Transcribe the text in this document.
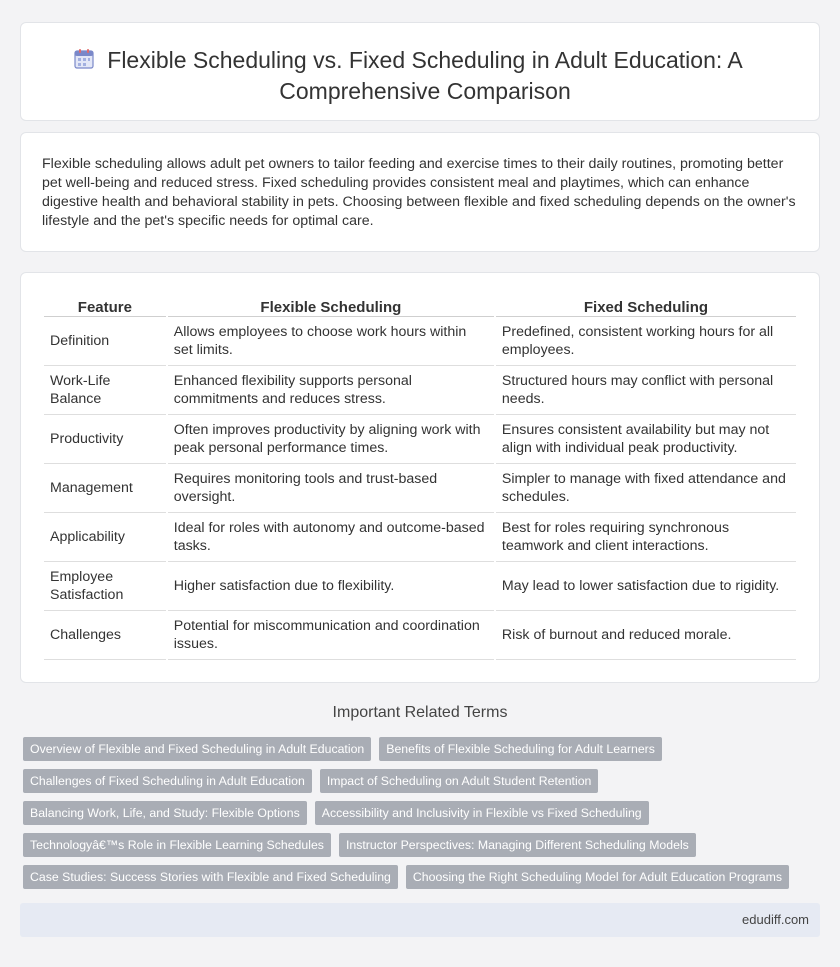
Flexible Scheduling vs. Fixed Scheduling in Adult Education: A Comprehensive Comparison

Flexible scheduling allows adult pet owners to tailor feeding and exercise times to their daily routines, promoting better pet well-being and reduced stress. Fixed scheduling provides consistent meal and playtimes, which can enhance digestive health and behavioral stability in pets. Choosing between flexible and fixed scheduling depends on the owner's lifestyle and the pet's specific needs for optimal care.

Feature	Flexible Scheduling	Fixed Scheduling
Definition	Allows employees to choose work hours within set limits.	Predefined, consistent working hours for all employees.
Work-Life Balance	Enhanced flexibility supports personal commitments and reduces stress.	Structured hours may conflict with personal needs.
Productivity	Often improves productivity by aligning work with peak personal performance times.	Ensures consistent availability but may not align with individual peak productivity.
Management	Requires monitoring tools and trust-based oversight.	Simpler to manage with fixed attendance and schedules.
Applicability	Ideal for roles with autonomy and outcome-based tasks.	Best for roles requiring synchronous teamwork and client interactions.
Employee Satisfaction	Higher satisfaction due to flexibility.	May lead to lower satisfaction due to rigidity.
Challenges	Potential for miscommunication and coordination issues.	Risk of burnout and reduced morale.
Important Related Terms
Overview of Flexible and Fixed Scheduling in Adult Education	Benefits of Flexible Scheduling for Adult Learners
Challenges of Fixed Scheduling in Adult Education	Impact of Scheduling on Adult Student Retention
Balancing Work, Life, and Study: Flexible Options	Accessibility and Inclusivity in Flexible vs Fixed Scheduling
Technologyâ€™s Role in Flexible Learning Schedules	Instructor Perspectives: Managing Different Scheduling Models
Case Studies: Success Stories with Flexible and Fixed Scheduling	Choosing the Right Scheduling Model for Adult Education Programs
edudiff.com
